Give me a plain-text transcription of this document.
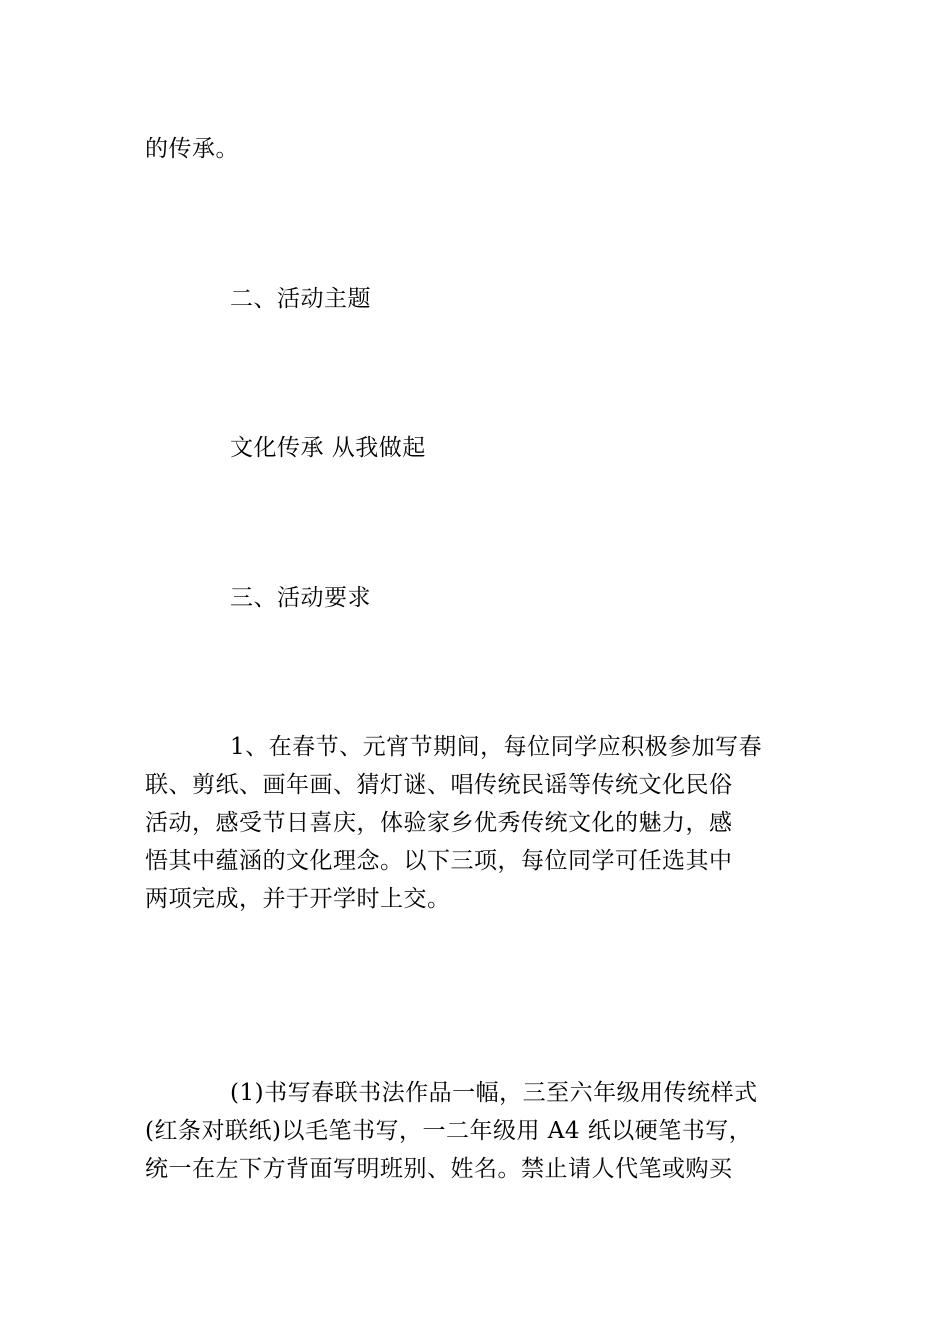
的传承。
二、活动主题
文化传承 从我做起
三、活动要求
1、在春节、元宵节期间，每位同学应积极参加写春
联、剪纸、画年画、猜灯谜、唱传统民谣等传统文化民俗
活动，感受节日喜庆，体验家乡优秀传统文化的魅力，感
悟其中蕴涵的文化理念。以下三项，每位同学可任选其中
两项完成，并于开学时上交。
(1)书写春联书法作品一幅，三至六年级用传统样式
(红条对联纸)以毛笔书写，一二年级用 A4 纸以硬笔书写，
统一在左下方背面写明班别、姓名。禁止请人代笔或购买
